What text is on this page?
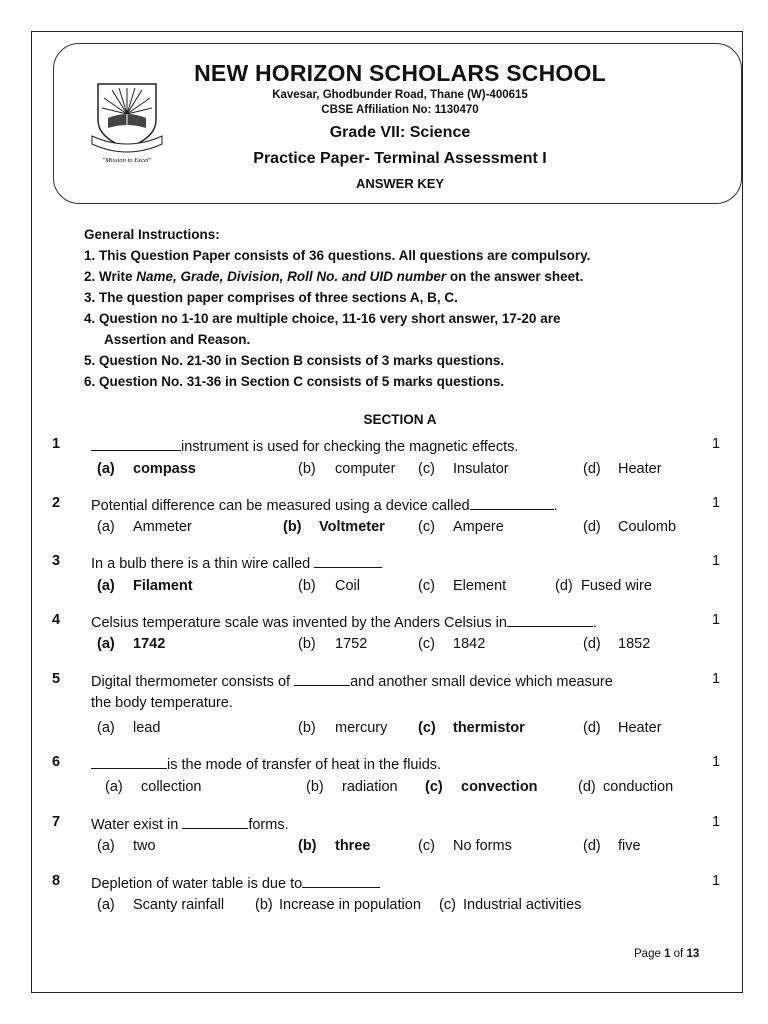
"Mission to Excel"
NEW HORIZON SCHOLARS SCHOOL
Kavesar, Ghodbunder Road, Thane (W)-400615
CBSE Affiliation No: 1130470
Grade VII: Science
Practice Paper- Terminal Assessment I
ANSWER KEY
General Instructions:
1. This Question Paper consists of 36 questions. All questions are compulsory.
2. Write Name, Grade, Division, Roll No. and UID number on the answer sheet.
3. The question paper comprises of three sections A, B, C.
4. Question no 1-10 are multiple choice, 11-16 very short answer, 17-20 are
Assertion and Reason.
5. Question No. 21-30 in Section B consists of 3 marks questions.
6. Question No. 31-36 in Section C consists of 5 marks questions.
SECTION A
1	instrument is used for checking the magnetic effects.	1
(a) compass	(b) computer (c) Insulator	(d) Heater
2 Potential difference can be measured using a device called	.	1
(a) Ammeter	(b) Voltmeter (c) Ampere	(d) Coulomb
3 In a bulb there is a thin wire called	1
(a) Filament	(b) Coil	(c) Element	(d) Fused wire
4 Celsius temperature scale was invented by the Anders Celsius in	.	1
(a) 1742	(b) 1752	(c) 1842	(d) 1852
5 Digital thermometer consists of	and another small device which measure	1
the body temperature.
(a) lead	(b) mercury (c) thermistor	(d) Heater
6	is the mode of transfer of heat in the fluids.	1
(a) collection	(b) radiation (c) convection	(d) conduction
7 Water exist in	forms.	1
(a) two	(b) three	(c) No forms	(d) five
8 Depletion of water table is due to	1
(a) Scanty rainfall (b) Increase in population (c) Industrial activities
Page 1 of 13
